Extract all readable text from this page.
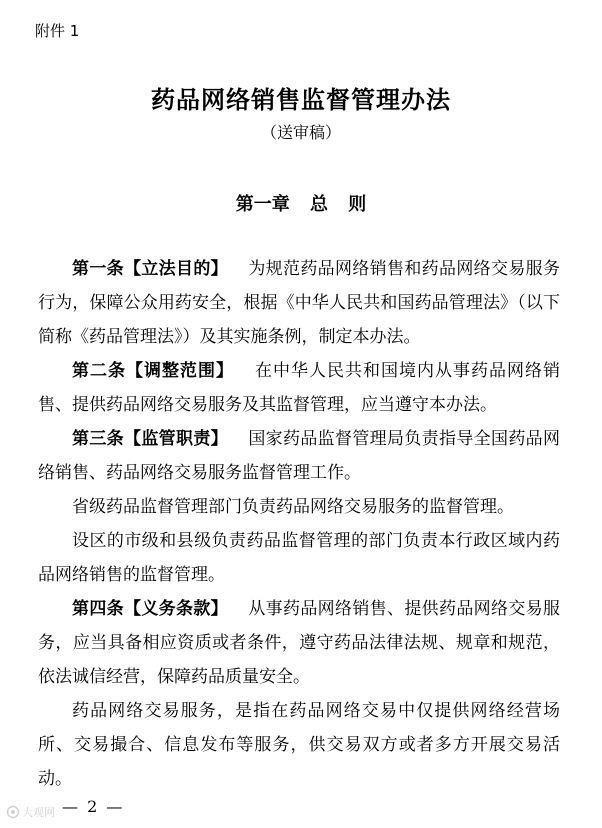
附件 1
药品网络销售监督管理办法
（送审稿）
第一章 总 则

第一条【立法目的】 为规范药品网络销售和药品网络交易服务行为，保障公众用药安全，根据《中华人民共和国药品管理法》（以下简称《药品管理法》）及其实施条例，制定本办法。

第二条【调整范围】 在中华人民共和国境内从事药品网络销售、提供药品网络交易服务及其监督管理，应当遵守本办法。

第三条【监管职责】 国家药品监督管理局负责指导全国药品网络销售、药品网络交易服务监督管理工作。

省级药品监督管理部门负责药品网络交易服务的监督管理。

设区的市级和县级负责药品监督管理的部门负责本行政区域内药品网络销售的监督管理。

第四条【义务条款】 从事药品网络销售、提供药品网络交易服务，应当具备相应资质或者条件，遵守药品法律法规、规章和规范，依法诚信经营，保障药品质量安全。

药品网络交易服务，是指在药品网络交易中仅提供网络经营场所、交易撮合、信息发布等服务，供交易双方或者多方开展交易活动。

— 2 —
大观网
